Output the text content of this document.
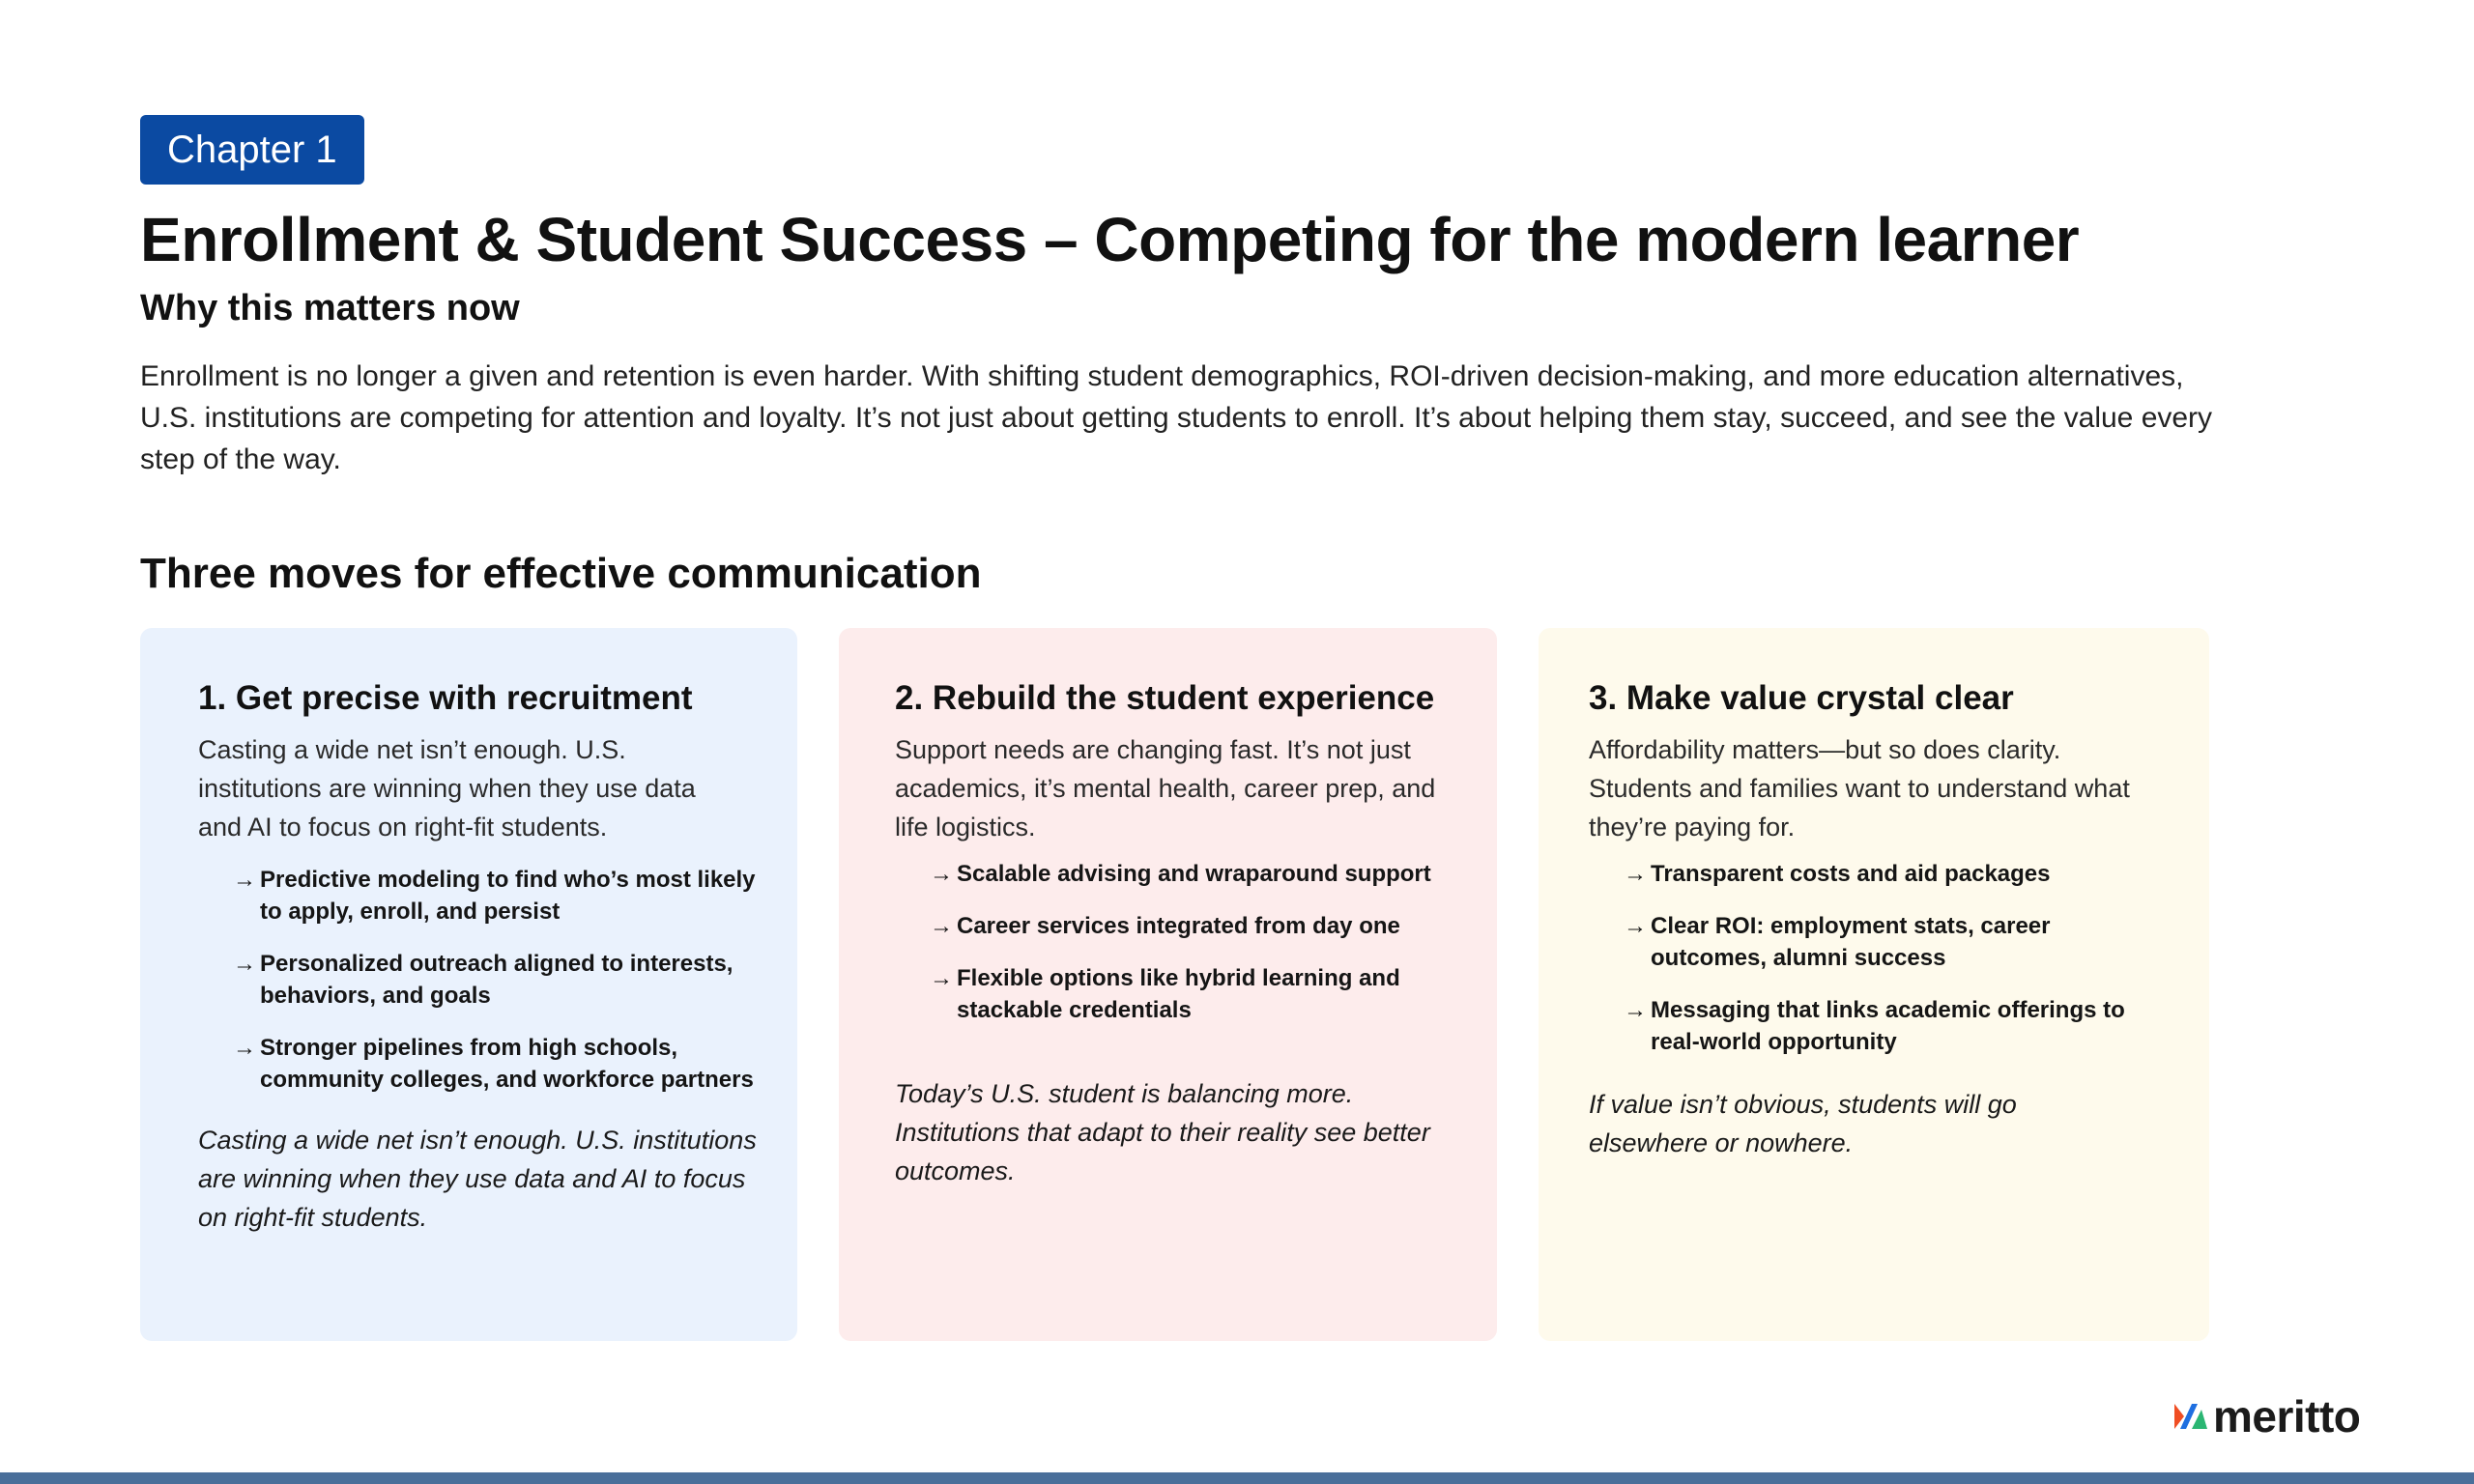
Chapter 1
Enrollment & Student Success – Competing for the modern learner
Why this matters now

Enrollment is no longer a given and retention is even harder. With shifting student demographics, ROI-driven decision-making, and more education alternatives, U.S. institutions are competing for attention and loyalty. It’s not just about getting students to enroll. It’s about helping them stay, succeed, and see the value every step of the way.

Three moves for effective communication
1. Get precise with recruitment

Casting a wide net isn’t enough. U.S. institutions are winning when they use data and AI to focus on right-fit students.

→ Predictive modeling to find who’s most likely to apply, enroll, and persist
→ Personalized outreach aligned to interests, behaviors, and goals
→ Stronger pipelines from high schools, community colleges, and workforce partners

Casting a wide net isn’t enough. U.S. institutions are winning when they use data and AI to focus on right-fit students.

2. Rebuild the student experience

Support needs are changing fast. It’s not just academics, it’s mental health, career prep, and life logistics.

→ Scalable advising and wraparound support
→ Career services integrated from day one
→ Flexible options like hybrid learning and stackable credentials

Today’s U.S. student is balancing more. Institutions that adapt to their reality see better outcomes.

3. Make value crystal clear

Affordability matters—but so does clarity. Students and families want to understand what they’re paying for.

→ Transparent costs and aid packages
→ Clear ROI: employment stats, career outcomes, alumni success
→ Messaging that links academic offerings to real-world opportunity

If value isn’t obvious, students will go elsewhere or nowhere.

meritto
